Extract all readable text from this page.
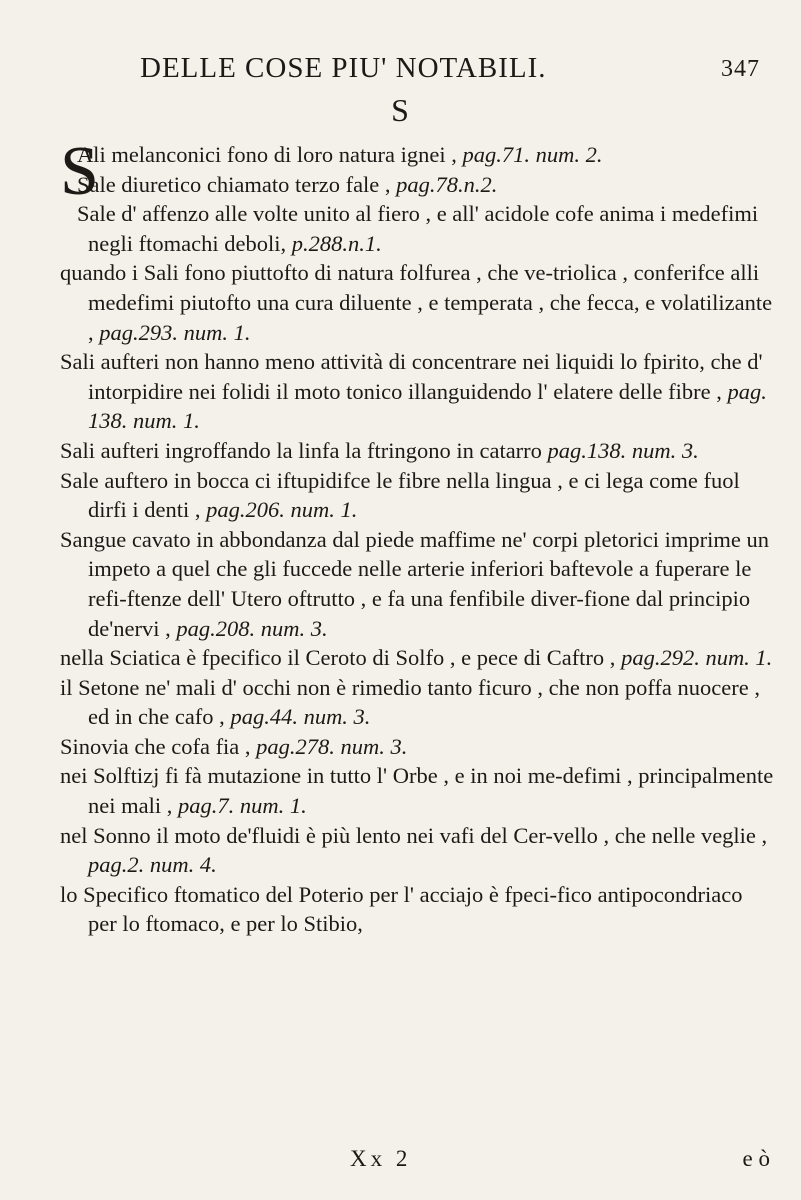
DELLE COSE PIU' NOTABILI.	347
S

S
Ali melanconici fono di loro natura ignei , pag.71. num. 2.

Sale diuretico chiamato terzo fale , pag.78.n.2.

Sale d' affenzo alle volte unito al fiero , e all' acidole cofe anima i medefimi negli ftomachi deboli, p.288.n.1.

quando i Sali fono piuttofto di natura folfurea , che ve-triolica , conferifce alli medefimi piutofto una cura diluente , e temperata , che fecca, e volatilizante , pag.293. num. 1.

Sali aufteri non hanno meno attività di concentrare nei liquidi lo fpirito, che d' intorpidire nei folidi il moto tonico illanguidendo l' elatere delle fibre , pag. 138. num. 1.

Sali aufteri ingroffando la linfa la ftringono in catarro pag.138. num. 3.

Sale auftero in bocca ci iftupidifce le fibre nella lingua , e ci lega come fuol dirfi i denti , pag.206. num. 1.

Sangue cavato in abbondanza dal piede maffime ne' corpi pletorici imprime un impeto a quel che gli fuccede nelle arterie inferiori baftevole a fuperare le refi-ftenze dell' Utero oftrutto , e fa una fenfibile diver-fione dal principio de'nervi , pag.208. num. 3.

nella Sciatica è fpecifico il Ceroto di Solfo , e pece di Caftro , pag.292. num. 1.

il Setone ne' mali d' occhi non è rimedio tanto ficuro , che non poffa nuocere , ed in che cafo , pag.44. num. 3.

Sinovia che cofa fia , pag.278. num. 3.

nei Solftizj fi fà mutazione in tutto l' Orbe , e in noi me-defimi , principalmente nei mali , pag.7. num. 1.

nel Sonno il moto de'fluidi è più lento nei vafi del Cer-vello , che nelle veglie , pag.2. num. 4.

lo Specifico ftomatico del Poterio per l' acciajo è fpeci-fico antipocondriaco per lo ftomaco, e per lo Stibio,

Xx 2	e ò
